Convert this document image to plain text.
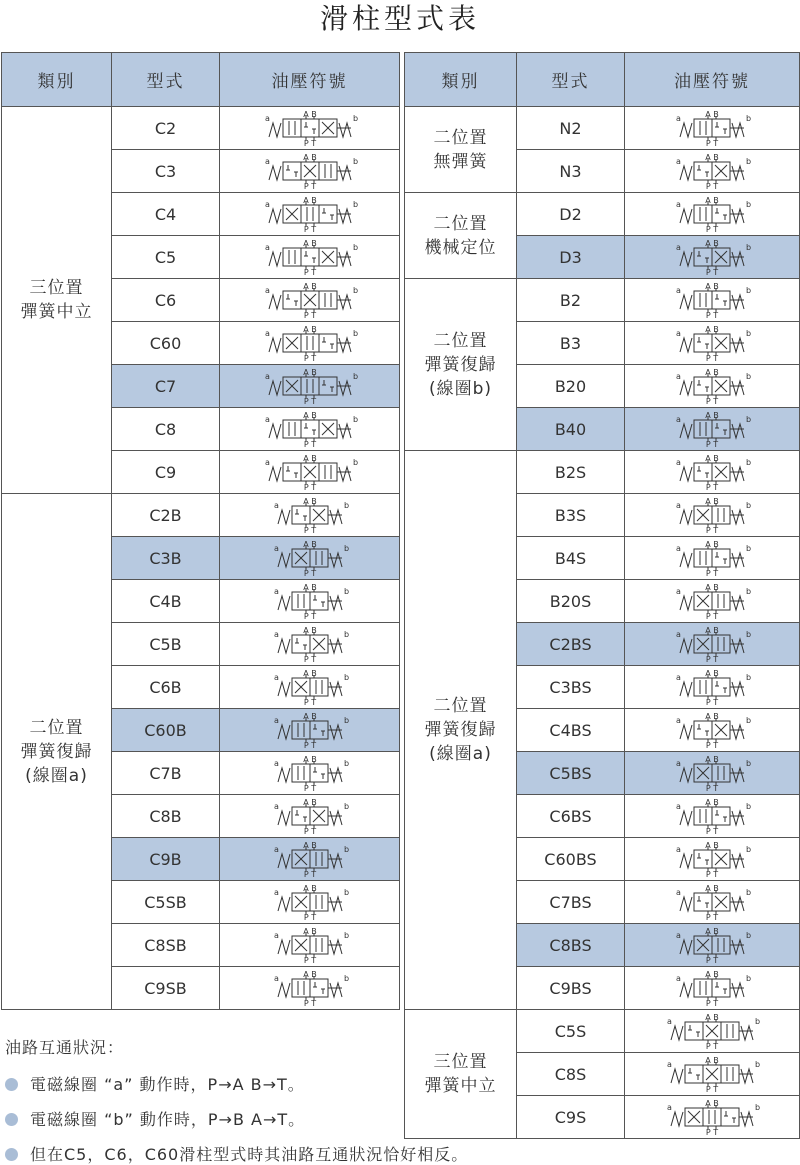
滑柱型式表
類別	型式	油壓符號

三位置
彈簧中立	C2	A B
P T
a b

	C3	A B
P T
a b

	C4	A B
P T
a b

	C5	A B
P T
a b

	C6	A B
P T
a b

	C60	A B
P T
a b

	C7	A B
P T
a b

	C8	A B
P T
a b

	C9	A B
P T
a b

二位置
彈簧復歸
(線圈a)	C2B	A B
P T
a b

	C3B	A B
P T
a b

	C4B	A B
P T
a b

	C5B	A B
P T
a b

	C6B	A B
P T
a b

	C60B	A B
P T
a b

	C7B	A B
P T
a b

	C8B	A B
P T
a b

	C9B	A B
P T
a b

	C5SB	A B
P T
a b

	C8SB	A B
P T
a b

	C9SB	A B
P T
a b
類別	型式	油壓符號

二位置
無彈簧	N2	A B
P T
a b

	N3	A B
P T
a b

二位置
機械定位	D2	A B
P T
a b

	D3	A B
P T
a b

二位置
彈簧復歸
(線圈b)	B2	A B
P T
a b

	B3	A B
P T
a b

	B20	A B
P T
a b

	B40	A B
P T
a b

二位置
彈簧復歸
(線圈a)	B2S	A B
P T
a b

	B3S	A B
P T
a b

	B4S	A B
P T
a b

	B20S	A B
P T
a b

	C2BS	A B
P T
a b

	C3BS	A B
P T
a b

	C4BS	A B
P T
a b

	C5BS	A B
P T
a b

	C6BS	A B
P T
a b

	C60BS	A B
P T
a b

	C7BS	A B
P T
a b

	C8BS	A B
P T
a b

	C9BS	A B
P T
a b

三位置
彈簧中立	C5S	A B
P T
a b

	C8S	A B
P T
a b

	C9S	A B
P T
a b
油路互通狀況：
電磁線圈 “a” 動作時，P→A B→T。
電磁線圈 “b” 動作時，P→B A→T。
但在C5，C6，C60滑柱型式時其油路互通狀況恰好相反。
